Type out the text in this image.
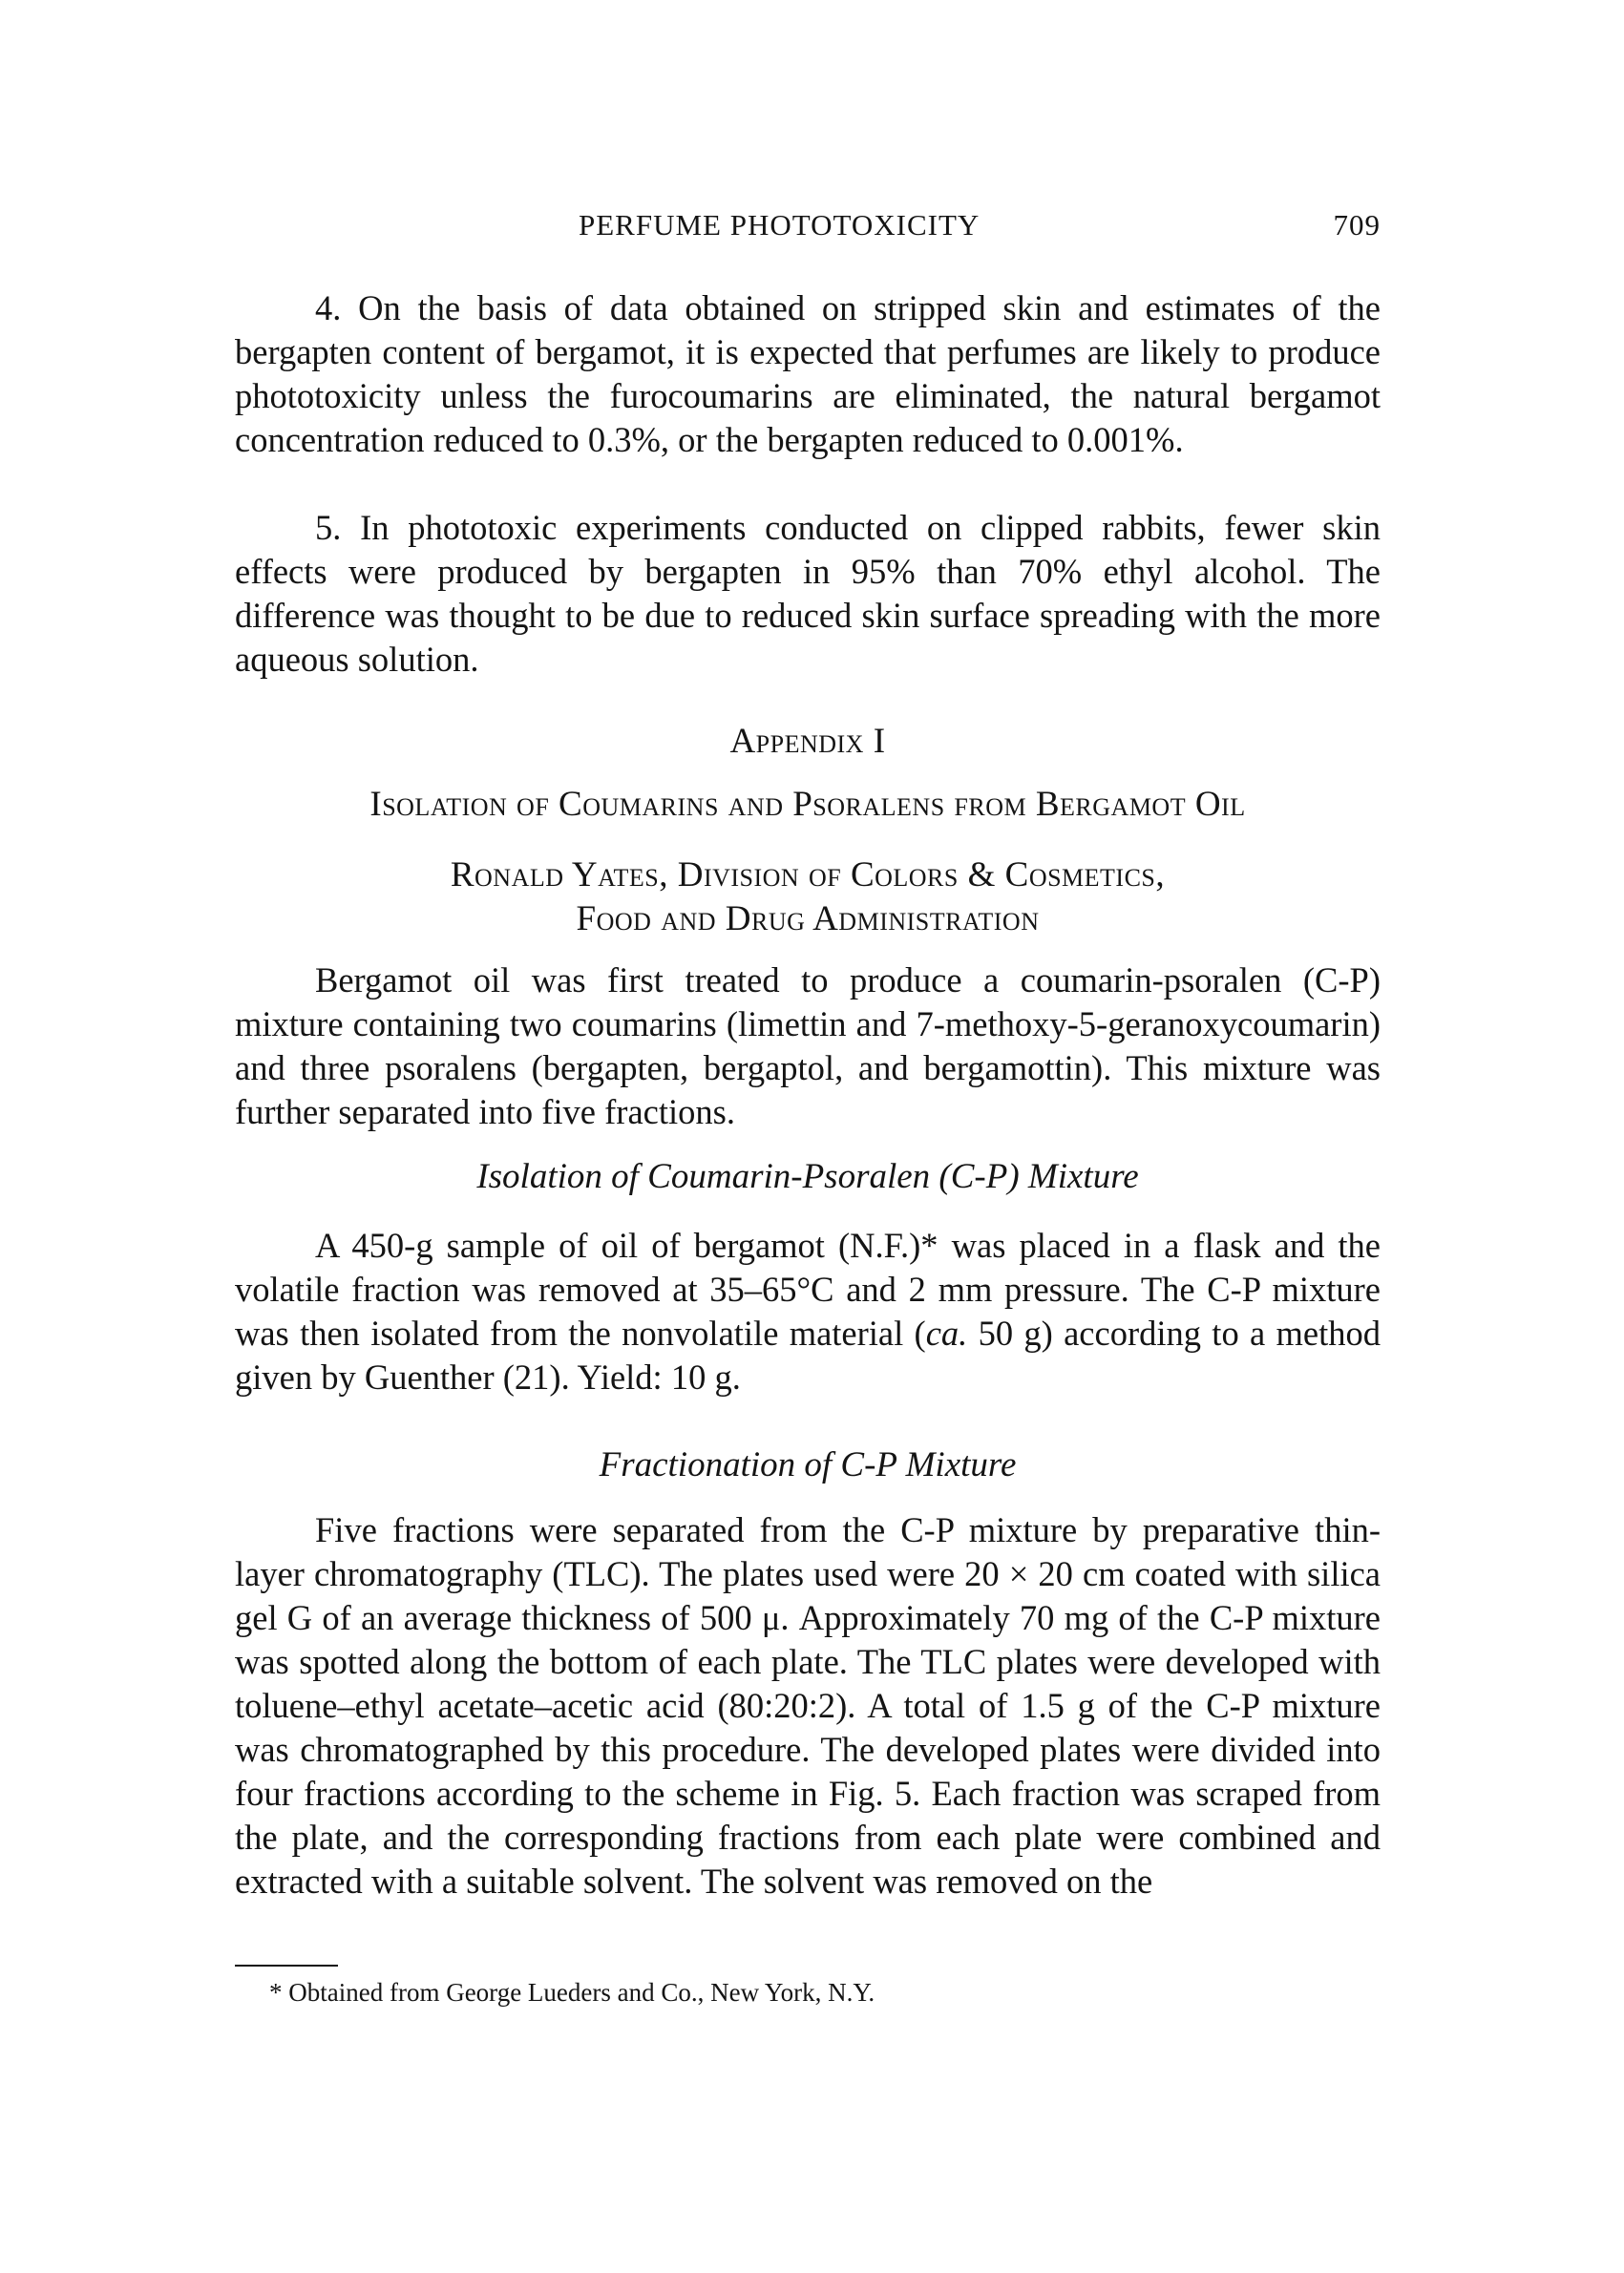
PERFUME PHOTOTOXICITY	709

4. On the basis of data obtained on stripped skin and estimates of the bergapten content of bergamot, it is expected that perfumes are likely to produce phototoxicity unless the furocoumarins are eliminated, the natural bergamot concentration reduced to 0.3%, or the bergapten reduced to 0.001%.

5. In phototoxic experiments conducted on clipped rabbits, fewer skin effects were produced by bergapten in 95% than 70% ethyl alcohol. The difference was thought to be due to reduced skin surface spreading with the more aqueous solution.

Appendix I
Isolation of Coumarins and Psoralens from Bergamot Oil
Ronald Yates, Division of Colors & Cosmetics,
Food and Drug Administration

Bergamot oil was first treated to produce a coumarin-psoralen (C-P) mixture containing two coumarins (limettin and 7-methoxy-5-geranoxycoumarin) and three psoralens (bergapten, bergaptol, and bergamottin). This mixture was further separated into five fractions.

Isolation of Coumarin-Psoralen (C-P) Mixture

A 450-g sample of oil of bergamot (N.F.)* was placed in a flask and the volatile fraction was removed at 35–65°C and 2 mm pressure. The C-P mixture was then isolated from the nonvolatile material (ca. 50 g) according to a method given by Guenther (21). Yield: 10 g.

Fractionation of C-P Mixture

Five fractions were separated from the C-P mixture by preparative thin-layer chromatography (TLC). The plates used were 20 × 20 cm coated with silica gel G of an average thickness of 500 μ. Approximately 70 mg of the C-P mixture was spotted along the bottom of each plate. The TLC plates were developed with toluene–ethyl acetate–acetic acid (80:20:2). A total of 1.5 g of the C-P mixture was chromatographed by this procedure. The developed plates were divided into four fractions according to the scheme in Fig. 5. Each fraction was scraped from the plate, and the corresponding fractions from each plate were combined and extracted with a suitable solvent. The solvent was removed on the

* Obtained from George Lueders and Co., New York, N.Y.
